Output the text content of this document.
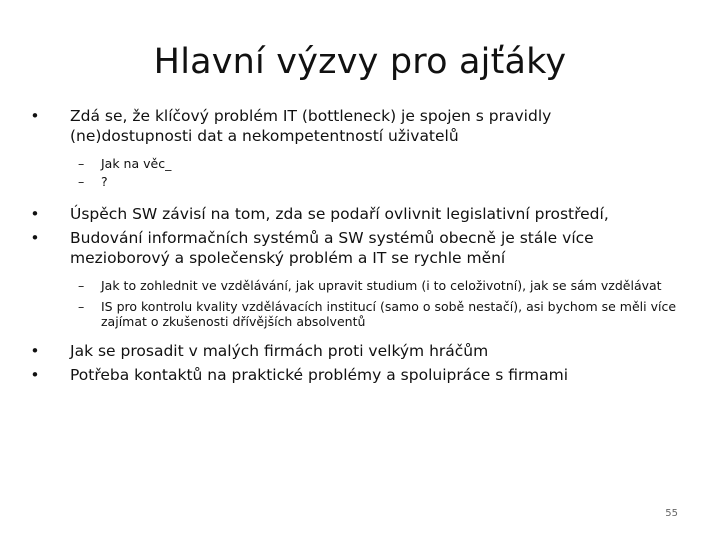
Hlavní výzvy pro ajťáky

• Zdá se, že klíčový problém IT (bottleneck) je spojen s pravidly (ne)dostupnosti dat a nekompetentností uživatelů

– Jak na věc_

– ?

• Úspěch SW závisí na tom, zda se podaří ovlivnit legislativní prostředí,

• Budování informačních systémů a SW systémů obecně je stále více mezioborový a společenský problém a IT se rychle mění

– Jak to zohlednit ve vzdělávání, jak upravit studium (i to celoživotní), jak se sám vzdělávat

– IS pro kontrolu kvality vzdělávacích institucí (samo o sobě nestačí), asi bychom se měli více zajímat o zkušenosti dřívějších absolventů

• Jak se prosadit v malých firmách proti velkým hráčům

• Potřeba kontaktů na praktické problémy a spoluipráce s firmami

55
